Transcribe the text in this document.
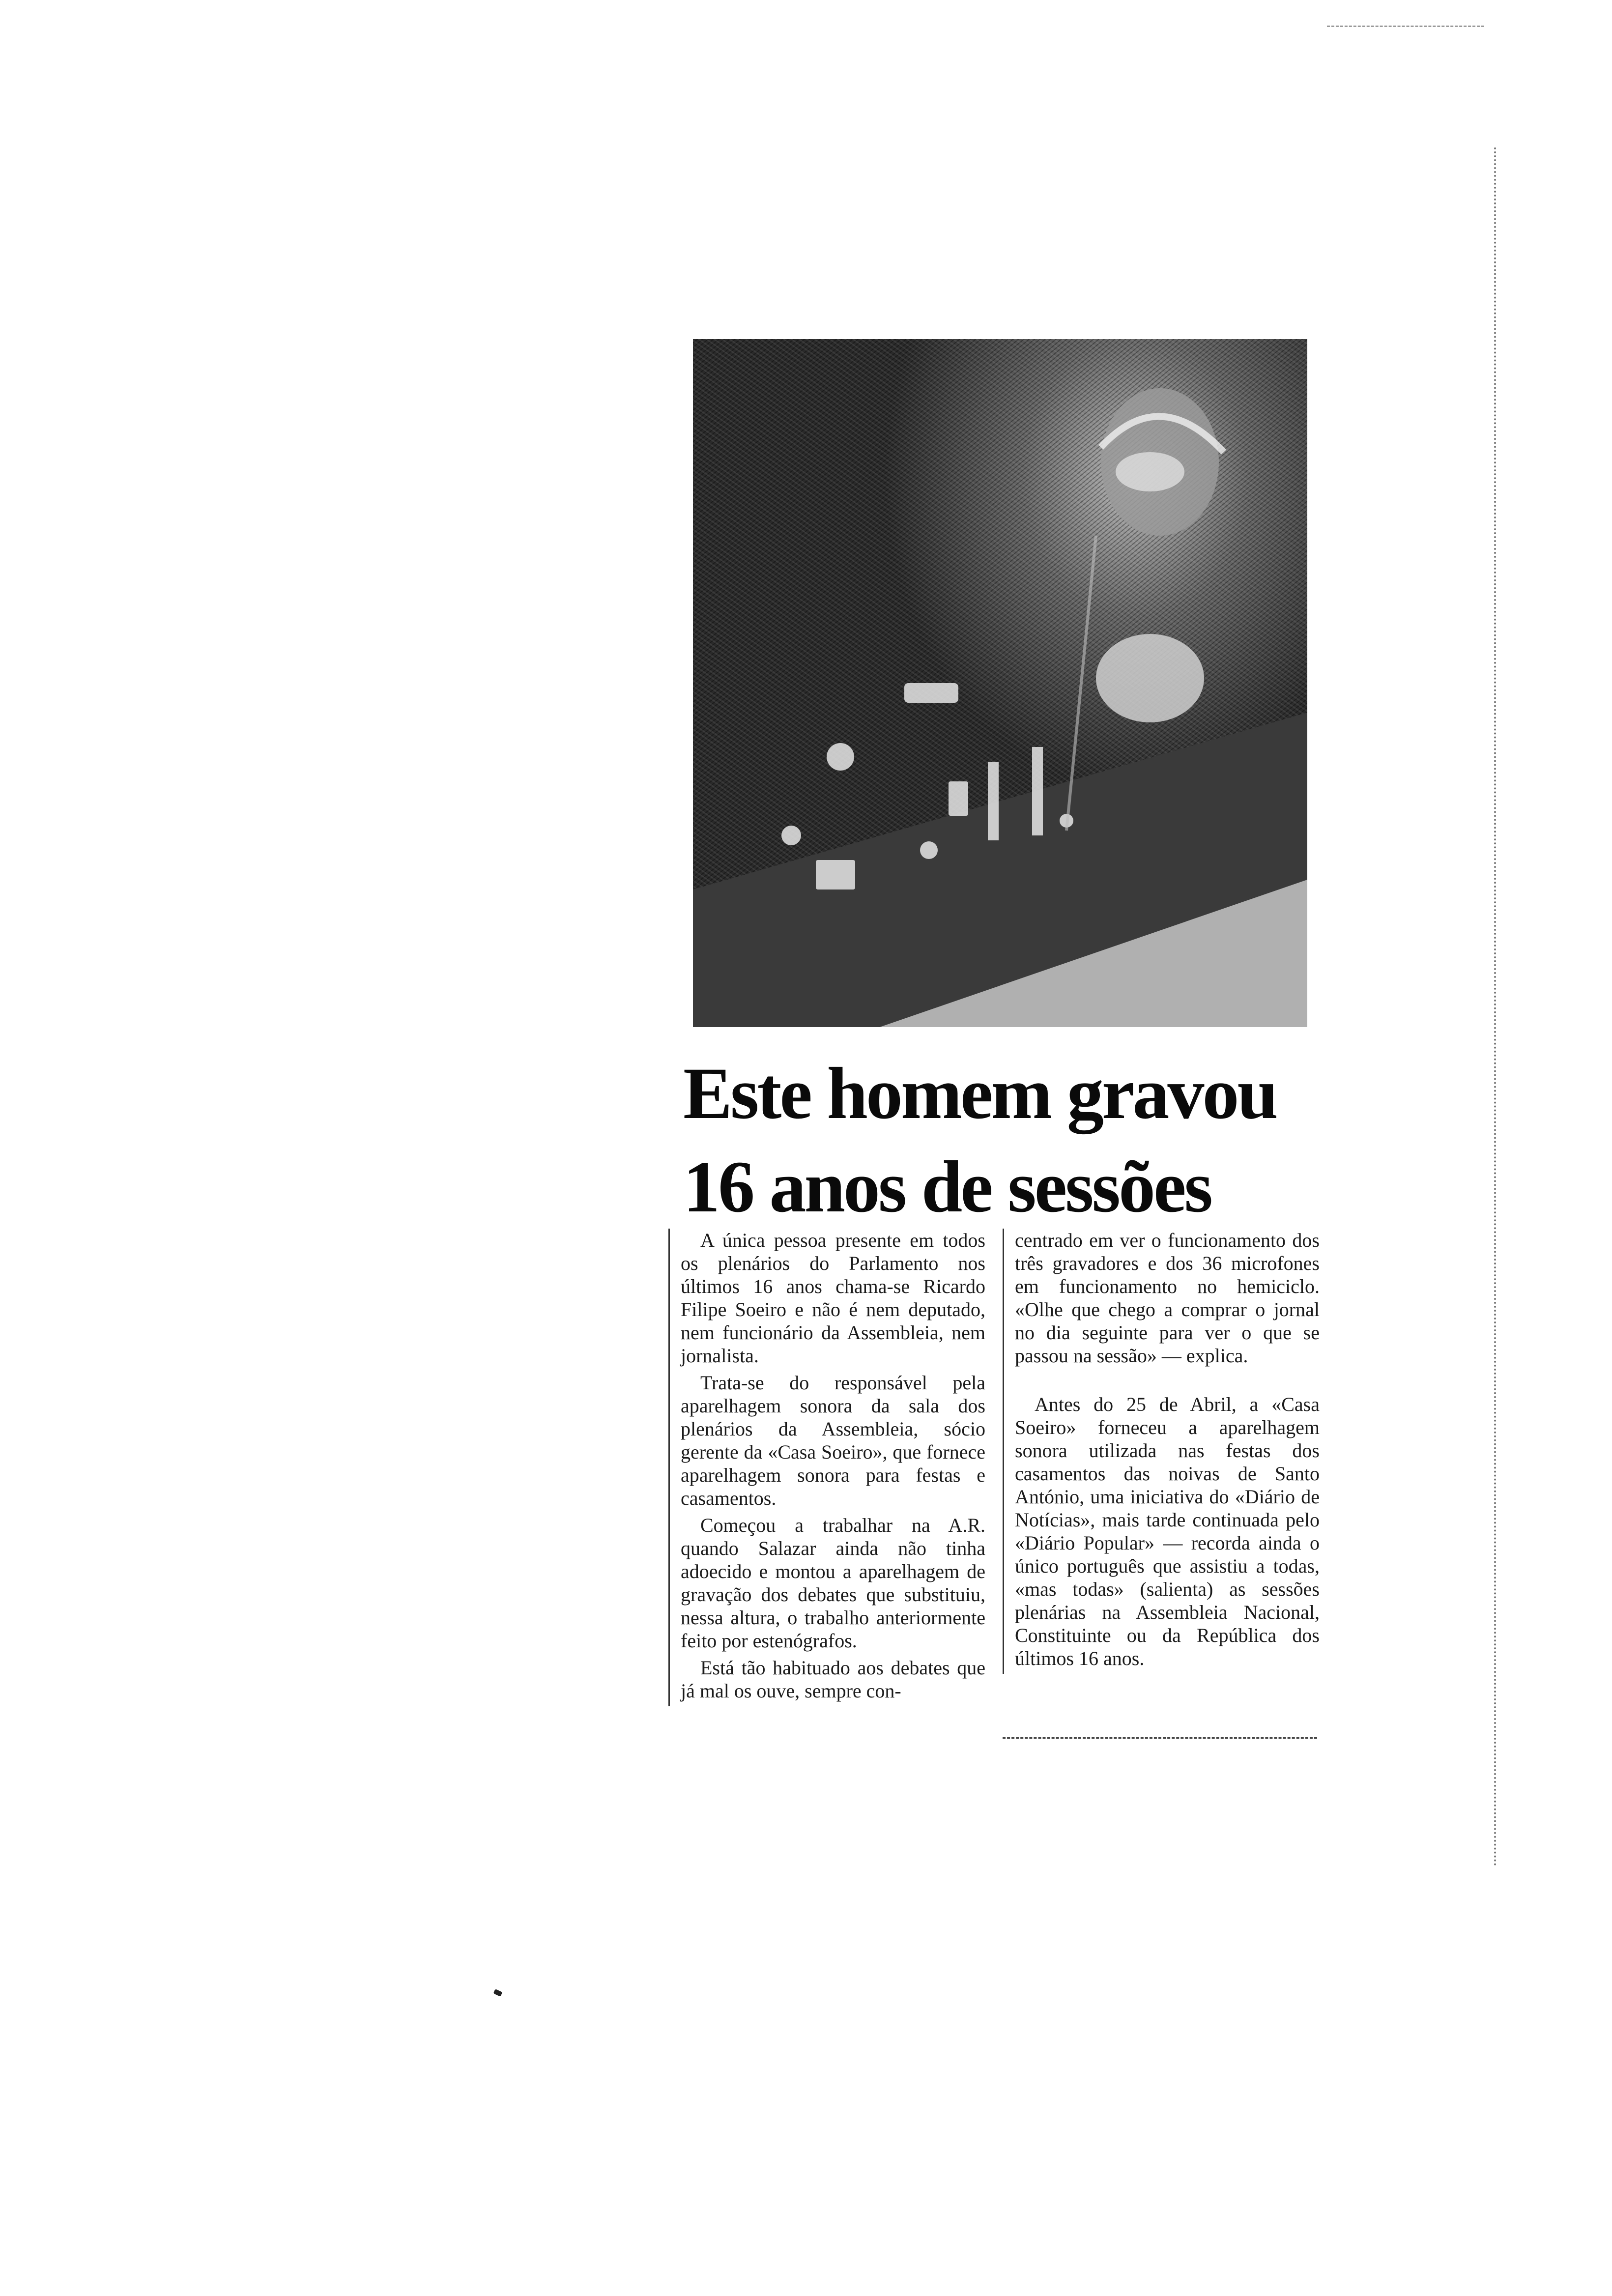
Este homem gravou
16 anos de sessões

A única pessoa presente em todos os plenários do Parlamento nos últimos 16 anos chama-se Ricardo Filipe Soeiro e não é nem deputado, nem funcionário da Assembleia, nem jornalista.

Trata-se do responsável pela aparelhagem sonora da sala dos plenários da Assembleia, sócio gerente da «Casa Soeiro», que fornece aparelhagem sonora para festas e casamentos.

Começou a trabalhar na A.R. quando Salazar ainda não tinha adoecido e montou a aparelhagem de gravação dos debates que substituiu, nessa altura, o trabalho anteriormente feito por estenógrafos.

Está tão habituado aos debates que já mal os ouve, sempre con-

centrado em ver o funcionamento dos três gravadores e dos 36 microfones em funcionamento no hemiciclo. «Olhe que chego a comprar o jornal no dia seguinte para ver o que se passou na sessão» — explica.

Antes do 25 de Abril, a «Casa Soeiro» forneceu a aparelhagem sonora utilizada nas festas dos casamentos das noivas de Santo António, uma iniciativa do «Diário de Notícias», mais tarde continuada pelo «Diário Popular» — recorda ainda o único português que assistiu a todas, «mas todas» (salienta) as sessões plenárias na Assembleia Nacional, Constituinte ou da República dos últimos 16 anos.
